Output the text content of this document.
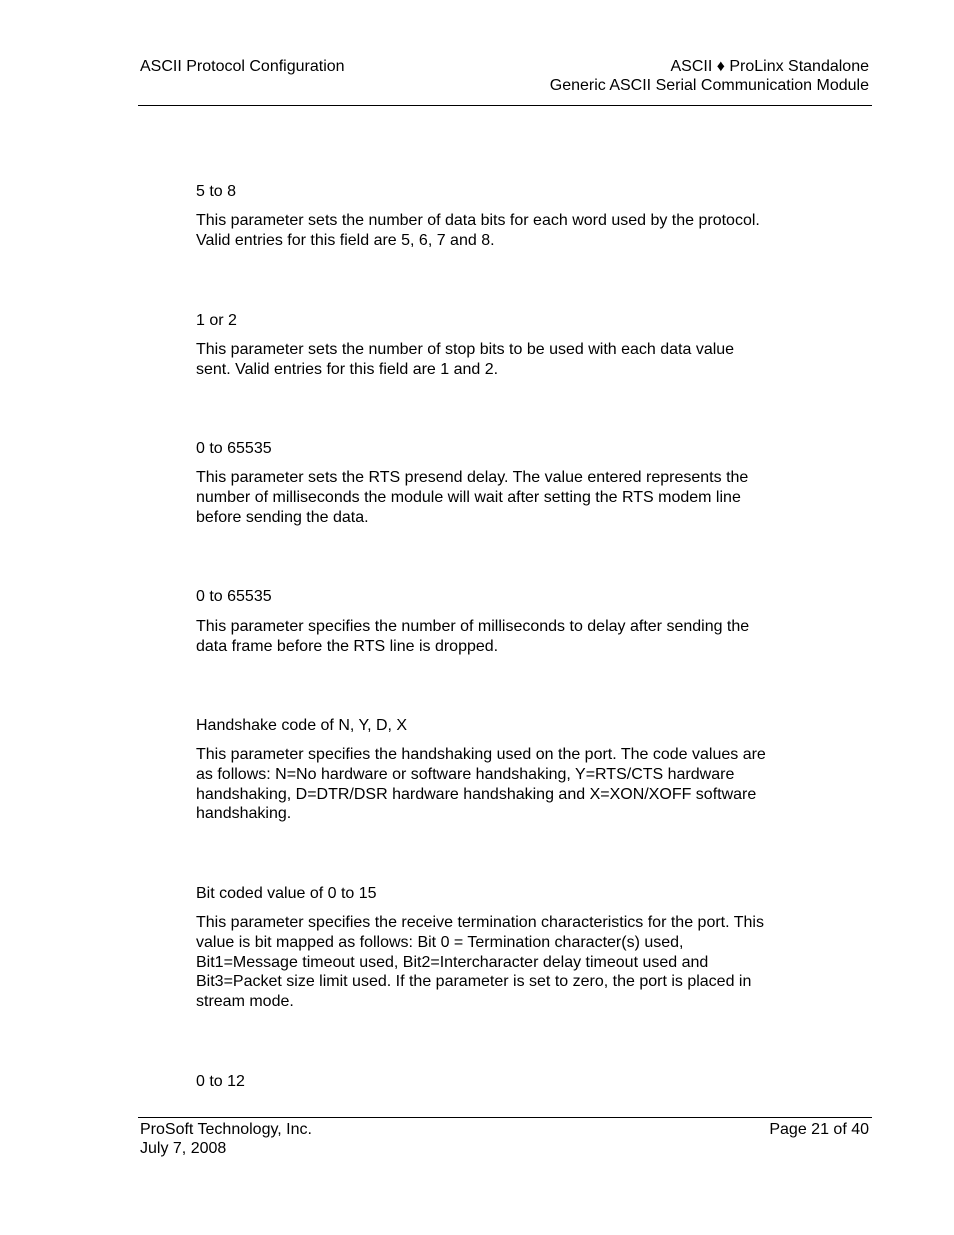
ASCII Protocol Configuration	ASCII ♦ ProLinx Standalone
Generic ASCII Serial Communication Module
5 to 8
This parameter sets the number of data bits for each word used by the protocol.
Valid entries for this field are 5, 6, 7 and 8.
1 or 2
This parameter sets the number of stop bits to be used with each data value
sent. Valid entries for this field are 1 and 2.
0 to 65535
This parameter sets the RTS presend delay. The value entered represents the
number of milliseconds the module will wait after setting the RTS modem line
before sending the data.
0 to 65535
This parameter specifies the number of milliseconds to delay after sending the
data frame before the RTS line is dropped.
Handshake code of N, Y, D, X
This parameter specifies the handshaking used on the port. The code values are
as follows: N=No hardware or software handshaking, Y=RTS/CTS hardware
handshaking, D=DTR/DSR hardware handshaking and X=XON/XOFF software
handshaking.
Bit coded value of 0 to 15
This parameter specifies the receive termination characteristics for the port. This
value is bit mapped as follows: Bit 0 = Termination character(s) used,
Bit1=Message timeout used, Bit2=Intercharacter delay timeout used and
Bit3=Packet size limit used. If the parameter is set to zero, the port is placed in
stream mode.
0 to 12
ProSoft Technology, Inc.
July 7, 2008
Page 21 of 40
